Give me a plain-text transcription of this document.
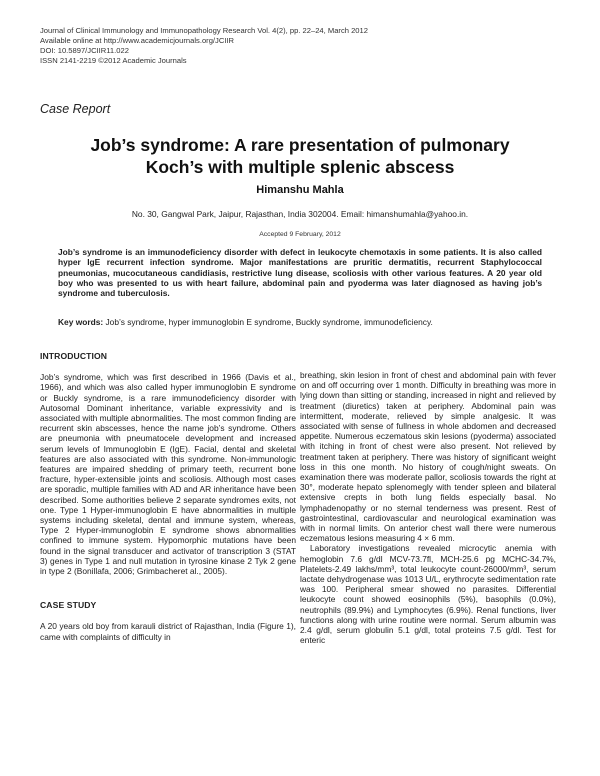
Journal of Clinical Immunology and Immunopathology Research Vol. 4(2), pp. 22–24, March 2012
Available online at http://www.academicjournals.org/JCIIR
DOI: 10.5897/JCIIR11.022
ISSN 2141-2219 ©2012 Academic Journals
Case Report
Job’s syndrome: A rare presentation of pulmonary
Koch’s with multiple splenic abscess
Himanshu Mahla
No. 30, Gangwal Park, Jaipur, Rajasthan, India 302004. Email: himanshumahla@yahoo.in.
Accepted 9 February, 2012
Job’s syndrome is an immunodeficiency disorder with defect in leukocyte chemotaxis in some patients. It is also called hyper IgE recurrent infection syndrome. Major manifestations are pruritic dermatitis, recurrent Staphylococcal pneumonias, mucocutaneous candidiasis, restrictive lung disease, scoliosis with other various features. A 20 year old boy who was presented to us with heart failure, abdominal pain and pyoderma was later diagnosed as having job’s syndrome and tuberculosis.
Key words: Job’s syndrome, hyper immunoglobin E syndrome, Buckly syndrome, immunodeficiency.
INTRODUCTION

Job’s syndrome, which was first described in 1966 (Davis et al., 1966), and which was also called hyper immunoglobin E syndrome or Buckly syndrome, is a rare immunodeficiency disorder with Autosomal Dominant inheritance, variable expressivity and is associated with multiple abnormalities. The most common finding are recurrent skin abscesses, hence the name job’s syndrome. Others are pneumonia with pneumatocele development and increased serum levels of Immunoglobin E (IgE). Facial, dental and skeletal features are also associated with this syndrome. Non-immunologic features are impaired shedding of primary teeth, recurrent bone fracture, hyper-extensible joints and scoliosis. Although most cases are sporadic, multiple families with AD and AR inheritance have been described. Some authorities believe 2 separate syndromes exits, not one. Type 1 Hyper-immunoglobin E have abnormalities in multiple systems including skeletal, dental and immune system, whereas, Type 2 Hyper-immunoglobin E syndrome shows abnormalities confined to immune system. Hypomorphic mutations have been found in the signal transducer and activator of transcription 3 (STAT 3) genes in Type 1 and null mutation in tyrosine kinase 2 Tyk 2 gene in type 2 (Bonillafa, 2006; Grimbacheret al., 2005).

CASE STUDY

A 20 years old boy from karauli district of Rajasthan, India (Figure 1), came with complaints of difficulty in

breathing, skin lesion in front of chest and abdominal pain with fever on and off occurring over 1 month. Difficulty in breathing was more in lying down than sitting or standing, increased in night and relieved by treatment (diuretics) taken at periphery. Abdominal pain was intermittent, moderate, relieved by simple analgesic. It was associated with sense of fullness in whole abdomen and decreased appetite. Numerous eczematous skin lesions (pyoderma) associated with itching in front of chest were also present. Not relieved by treatment taken at periphery. There was history of significant weight loss in this one month. No history of cough/night sweats. On examination there was moderate pallor, scoliosis towards the right at 30°, moderate hepato splenomegly with tender spleen and bilateral extensive crepts in both lung fields especially basal. No lymphadenopathy or no sternal tenderness was present. Rest of gastrointestinal, cardiovascular and neurological examination was with in normal limits. On anterior chest wall there were numerous eczematous lesions measuring 4 × 6 mm.

Laboratory investigations revealed microcytic anemia with hemoglobin 7.6 g/dl MCV-73.7fl, MCH-25.6 pg MCHC-34.7%, Platelets-2.49 lakhs/mm³, total leukocyte count-26000/mm³, serum lactate dehydrogenase was 1013 U/L, erythrocyte sedimentation rate was 100. Peripheral smear showed no parasites. Differential leukocyte count showed eosinophils (5%), basophils (0.0%), neutrophils (89.9%) and Lymphocytes (6.9%). Renal functions, liver functions along with urine routine were normal. Serum albumin was 2.4 g/dl, serum globulin 5.1 g/dl, total proteins 7.5 g/dl. Test for enteric
